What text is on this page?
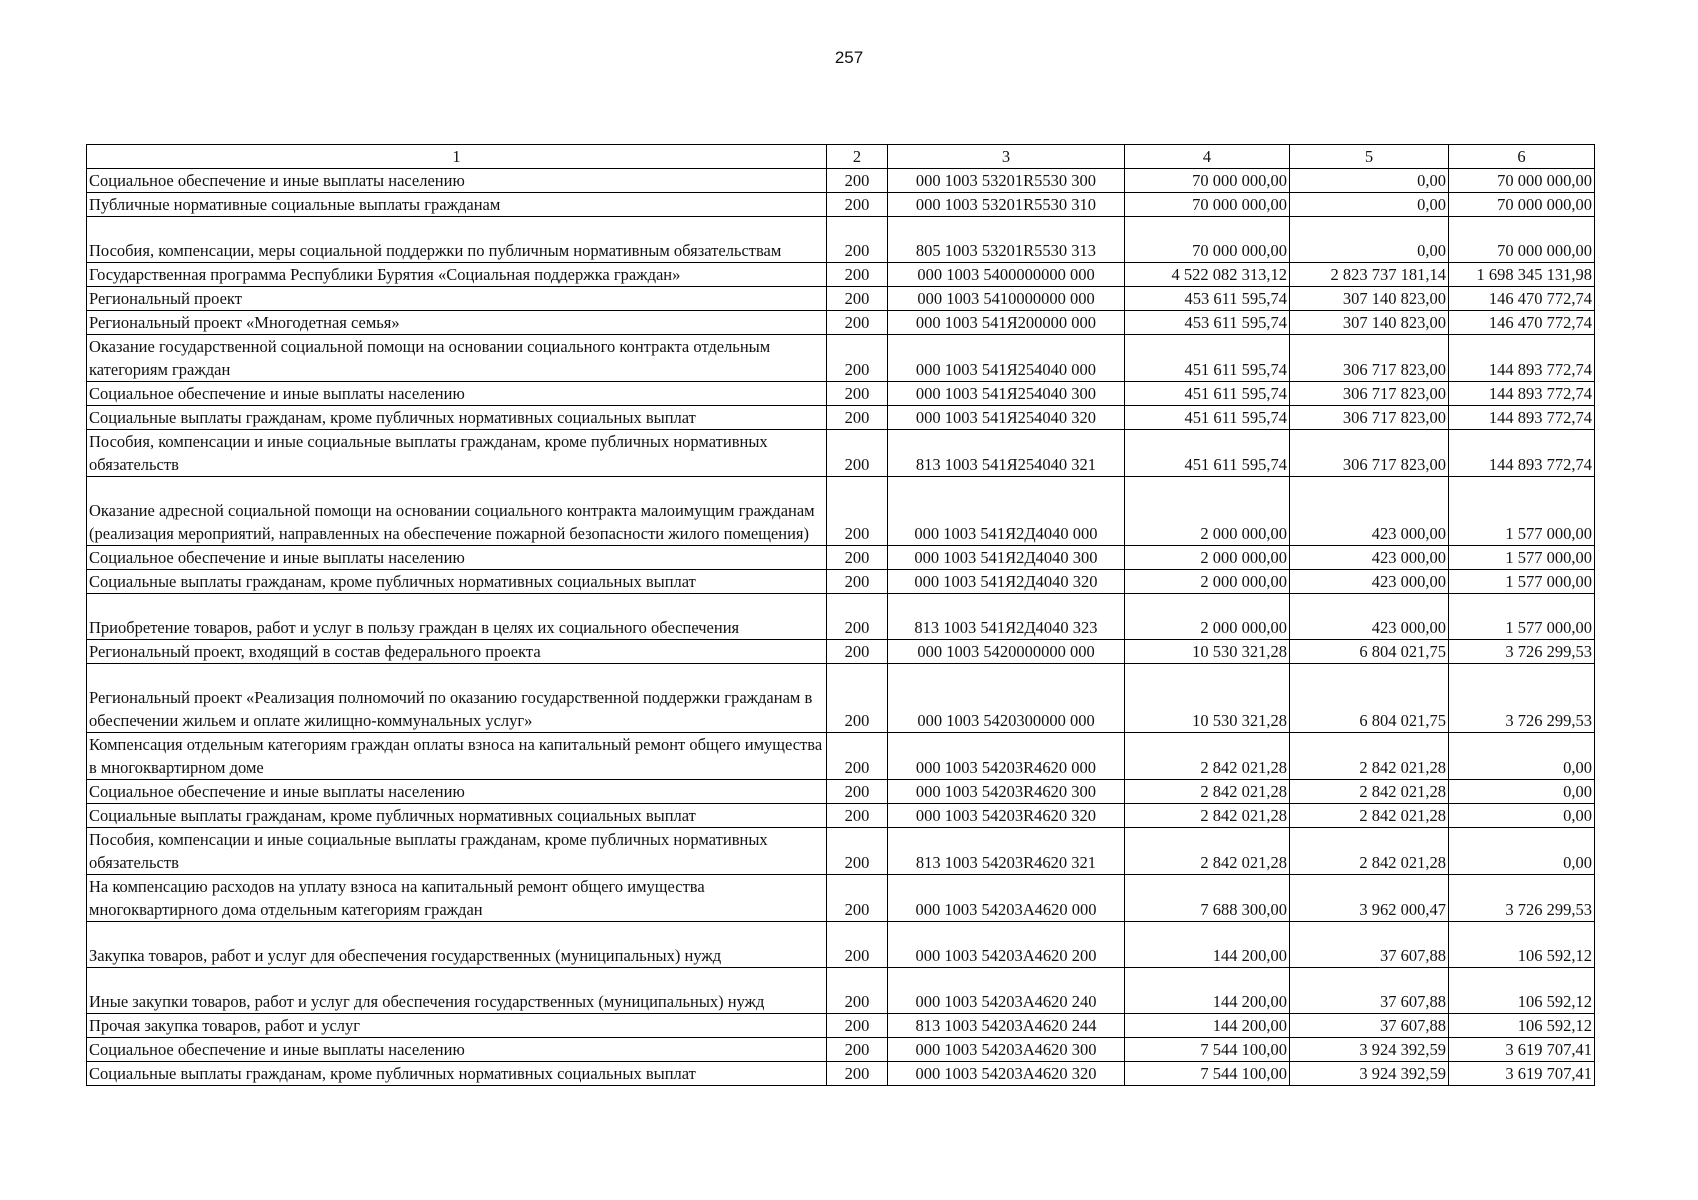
257
1	2	3	4	5	6
Социальное обеспечение и иные выплаты населению	200	000 1003 53201R5530 300	70 000 000,00	0,00	70 000 000,00
Публичные нормативные социальные выплаты гражданам	200	000 1003 53201R5530 310	70 000 000,00	0,00	70 000 000,00
Пособия, компенсации, меры социальной поддержки по публичным нормативным обязательствам	200	805 1003 53201R5530 313	70 000 000,00	0,00	70 000 000,00
Государственная программа Республики Бурятия «Социальная поддержка граждан»	200	000 1003 5400000000 000	4 522 082 313,12	2 823 737 181,14	1 698 345 131,98
Региональный проект	200	000 1003 5410000000 000	453 611 595,74	307 140 823,00	146 470 772,74
Региональный проект «Многодетная семья»	200	000 1003 541Я200000 000	453 611 595,74	307 140 823,00	146 470 772,74
Оказание государственной социальной помощи на основании социального контракта отдельным категориям граждан	200	000 1003 541Я254040 000	451 611 595,74	306 717 823,00	144 893 772,74
Социальное обеспечение и иные выплаты населению	200	000 1003 541Я254040 300	451 611 595,74	306 717 823,00	144 893 772,74
Социальные выплаты гражданам, кроме публичных нормативных социальных выплат	200	000 1003 541Я254040 320	451 611 595,74	306 717 823,00	144 893 772,74
Пособия, компенсации и иные социальные выплаты гражданам, кроме публичных нормативных обязательств	200	813 1003 541Я254040 321	451 611 595,74	306 717 823,00	144 893 772,74
Оказание адресной социальной помощи на основании социального контракта малоимущим гражданам (реализация мероприятий, направленных на обеспечение пожарной безопасности жилого помещения)	200	000 1003 541Я2Д4040 000	2 000 000,00	423 000,00	1 577 000,00
Социальное обеспечение и иные выплаты населению	200	000 1003 541Я2Д4040 300	2 000 000,00	423 000,00	1 577 000,00
Социальные выплаты гражданам, кроме публичных нормативных социальных выплат	200	000 1003 541Я2Д4040 320	2 000 000,00	423 000,00	1 577 000,00
Приобретение товаров, работ и услуг в пользу граждан в целях их социального обеспечения	200	813 1003 541Я2Д4040 323	2 000 000,00	423 000,00	1 577 000,00
Региональный проект, входящий в состав федерального проекта	200	000 1003 5420000000 000	10 530 321,28	6 804 021,75	3 726 299,53
Региональный проект «Реализация полномочий по оказанию государственной поддержки гражданам в обеспечении жильем и оплате жилищно-коммунальных услуг»	200	000 1003 5420300000 000	10 530 321,28	6 804 021,75	3 726 299,53
Компенсация отдельным категориям граждан оплаты взноса на капитальный ремонт общего имущества в многоквартирном доме	200	000 1003 54203R4620 000	2 842 021,28	2 842 021,28	0,00
Социальное обеспечение и иные выплаты населению	200	000 1003 54203R4620 300	2 842 021,28	2 842 021,28	0,00
Социальные выплаты гражданам, кроме публичных нормативных социальных выплат	200	000 1003 54203R4620 320	2 842 021,28	2 842 021,28	0,00
Пособия, компенсации и иные социальные выплаты гражданам, кроме публичных нормативных обязательств	200	813 1003 54203R4620 321	2 842 021,28	2 842 021,28	0,00
На компенсацию расходов на уплату взноса на капитальный ремонт общего имущества многоквартирного дома отдельным категориям граждан	200	000 1003 54203А4620 000	7 688 300,00	3 962 000,47	3 726 299,53
Закупка товаров, работ и услуг для обеспечения государственных (муниципальных) нужд	200	000 1003 54203А4620 200	144 200,00	37 607,88	106 592,12
Иные закупки товаров, работ и услуг для обеспечения государственных (муниципальных) нужд	200	000 1003 54203А4620 240	144 200,00	37 607,88	106 592,12
Прочая закупка товаров, работ и услуг	200	813 1003 54203А4620 244	144 200,00	37 607,88	106 592,12
Социальное обеспечение и иные выплаты населению	200	000 1003 54203А4620 300	7 544 100,00	3 924 392,59	3 619 707,41
Социальные выплаты гражданам, кроме публичных нормативных социальных выплат	200	000 1003 54203А4620 320	7 544 100,00	3 924 392,59	3 619 707,41
